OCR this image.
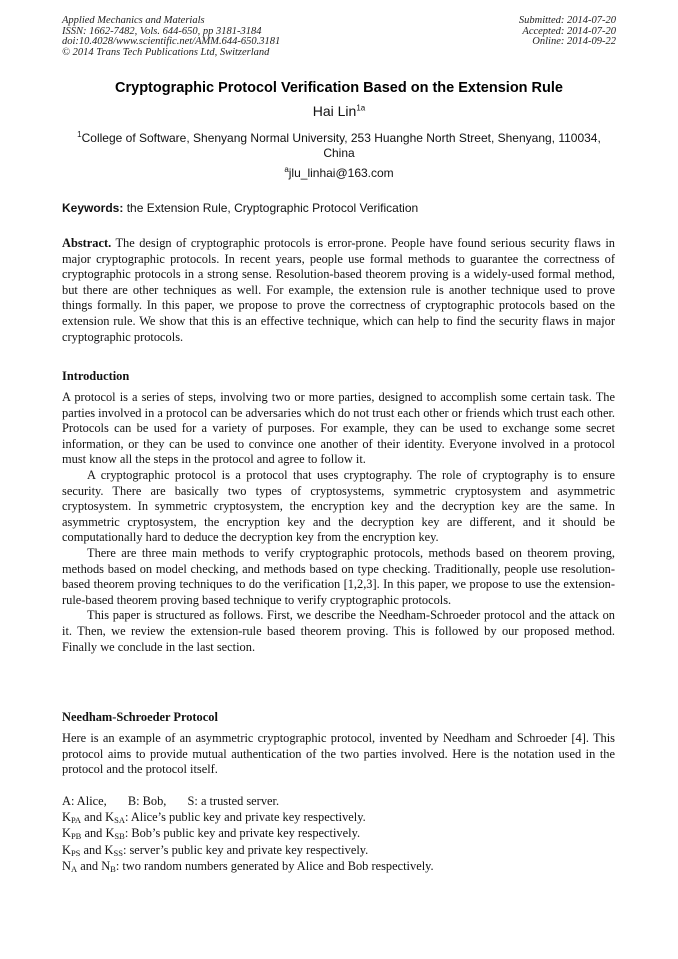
Applied Mechanics and Materials
ISSN: 1662-7482, Vols. 644-650, pp 3181-3184
doi:10.4028/www.scientific.net/AMM.644-650.3181
© 2014 Trans Tech Publications Ltd, Switzerland
Submitted: 2014-07-20
Accepted: 2014-07-20
Online: 2014-09-22
Cryptographic Protocol Verification Based on the Extension Rule
Hai Lin$^{1a}$
$^1$College of Software, Shenyang Normal University, 253 Huanghe North Street, Shenyang, 110034, China
$^a$jlu_linhai@163.com
Keywords: the Extension Rule, Cryptographic Protocol Verification
Abstract. The design of cryptographic protocols is error-prone. People have found serious security flaws in major cryptographic protocols. In recent years, people use formal methods to guarantee the correctness of cryptographic protocols in a strong sense. Resolution-based theorem proving is a widely-used formal method, but there are other techniques as well. For example, the extension rule is another technique used to prove things formally. In this paper, we propose to prove the correctness of cryptographic protocols based on the extension rule. We show that this is an effective technique, which can help to find the security flaws in major cryptographic protocols.
Introduction

A protocol is a series of steps, involving two or more parties, designed to accomplish some certain task. The parties involved in a protocol can be adversaries which do not trust each other or friends which trust each other. Protocols can be used for a variety of purposes. For example, they can be used to exchange some secret information, or they can be used to convince one another of their identity. Everyone involved in a protocol must know all the steps in the protocol and agree to follow it.

A cryptographic protocol is a protocol that uses cryptography. The role of cryptography is to ensure security. There are basically two types of cryptosystems, symmetric cryptosystem and asymmetric cryptosystem. In symmetric cryptosystem, the encryption key and the decryption key are the same. In asymmetric cryptosystem, the encryption key and the decryption key are different, and it should be computationally hard to deduce the decryption key from the encryption key.

There are three main methods to verify cryptographic protocols, methods based on theorem proving, methods based on model checking, and methods based on type checking. Traditionally, people use resolution-based theorem proving techniques to do the verification [1,2,3]. In this paper, we propose to use the extension-rule-based theorem proving based technique to verify cryptographic protocols.

This paper is structured as follows. First, we describe the Needham-Schroeder protocol and the attack on it. Then, we review the extension-rule based theorem proving. This is followed by our proposed method. Finally we conclude in the last section.

Needham-Schroeder Protocol
Here is an example of an asymmetric cryptographic protocol, invented by Needham and Schroeder [4]. This protocol aims to provide mutual authentication of the two parties involved. Here is the notation used in the protocol and the protocol itself.
A: Alice, B: Bob, S: a trusted server.
KPA and KSA: Alice’s public key and private key respectively.
KPB and KSB: Bob’s public key and private key respectively.
KPS and KSS: server’s public key and private key respectively.
NA and NB: two random numbers generated by Alice and Bob respectively.
